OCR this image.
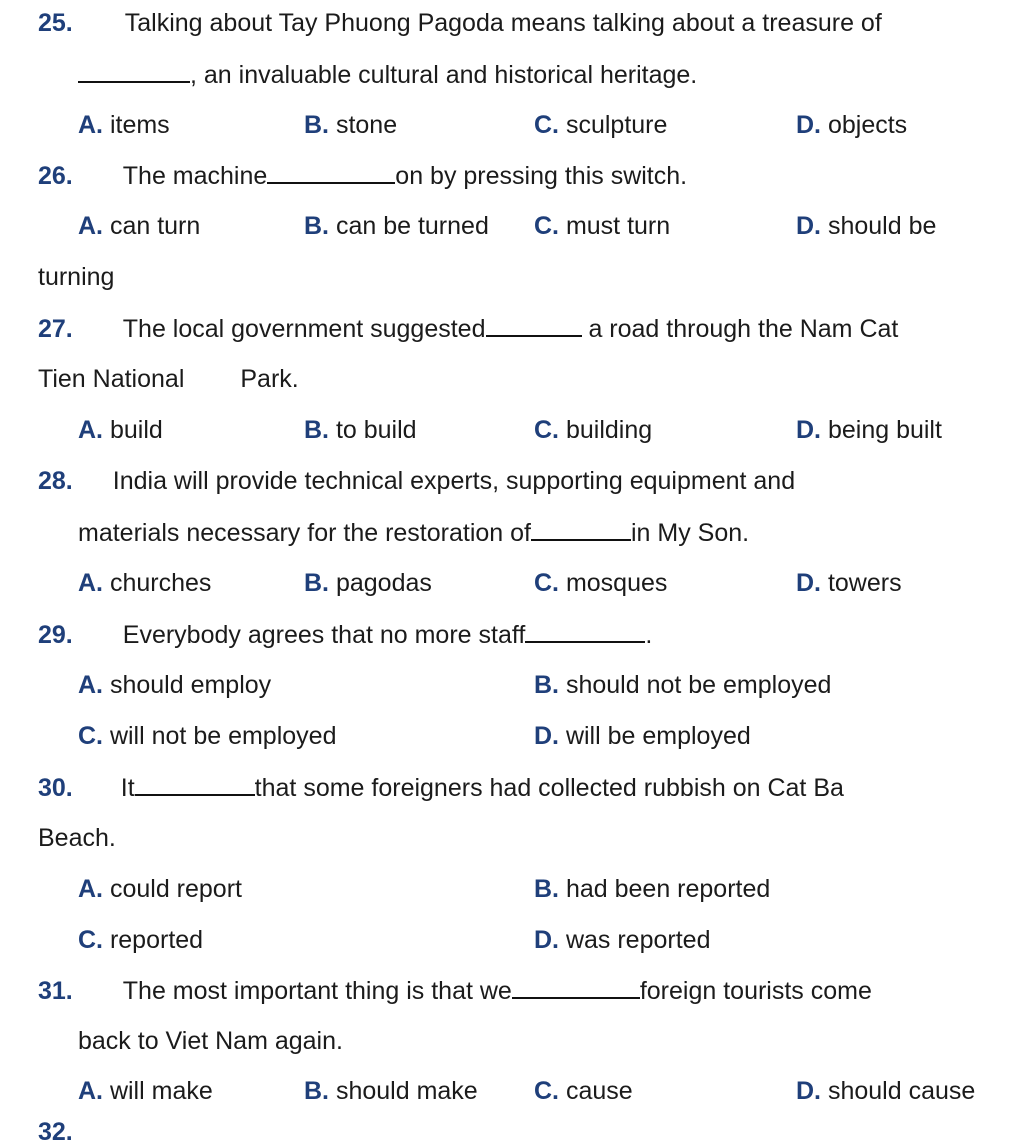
25. Talking about Tay Phuong Pagoda means talking about a treasure of
, an invaluable cultural and historical heritage.
A. items	B. stone	C. sculpture	D. objects
26. The machine	on by pressing this switch.
A. can turn	B. can be turned C. must turn	D. should be
turning
27. The local government suggested	a road through the Nam Cat
Tien National Park.
A. build	B. to build	C. building	D. being built
28. India will provide technical experts, supporting equipment and
materials necessary for the restoration of	in My Son.
A. churches	B. pagodas	C. mosques	D. towers
29. Everybody agrees that no more staff	.
A. should employ	B. should not be employed
C. will not be employed	D. will be employed
30. It	that some foreigners had collected rubbish on Cat Ba
Beach.
A. could report	B. had been reported
C. reported	D. was reported
31. The most important thing is that we	foreign tourists come
back to Viet Nam again.
A. will make	B. should make C. cause	D. should cause
32.
